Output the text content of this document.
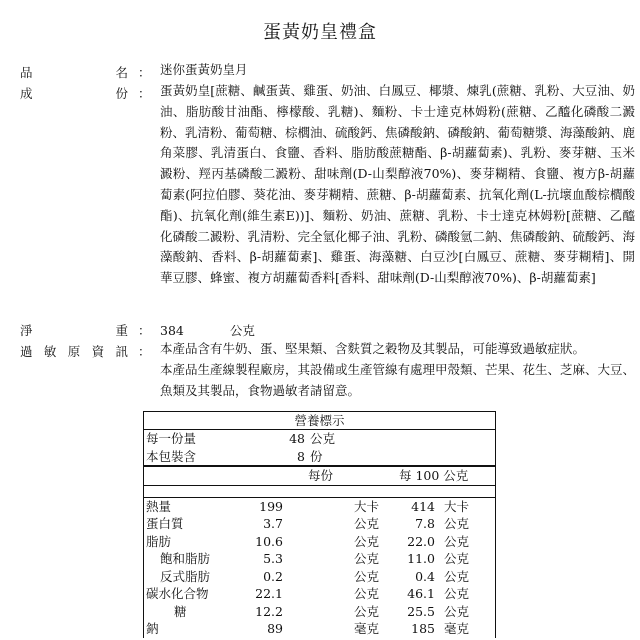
蛋黃奶皇禮盒
品名 ： 迷你蛋黃奶皇月
成份 ： 蛋黃奶皇[蔗糖、鹹蛋黃、雞蛋、奶油、白鳳豆、椰漿、煉乳(蔗糖、乳粉、大豆油、奶油、脂肪酸甘油酯、檸檬酸、乳糖)、麵粉、卡士達克林姆粉(蔗糖、乙醯化磷酸二澱粉、乳清粉、葡萄糖、棕櫚油、硫酸鈣、焦磷酸鈉、磷酸鈉、葡萄糖漿、海藻酸鈉、鹿角菜膠、乳清蛋白、食鹽、香料、脂肪酸蔗糖酯、β-胡蘿蔔素)、乳粉、麥芽糖、玉米澱粉、羥丙基磷酸二澱粉、甜味劑(D-山梨醇液70%)、麥芽糊精、食鹽、複方β-胡蘿蔔素(阿拉伯膠、葵花油、麥芽糊精、蔗糖、β-胡蘿蔔素、抗氧化劑(L-抗壞血酸棕櫚酸酯)、抗氧化劑(維生素E))]、麵粉、奶油、蔗糖、乳粉、卡士達克林姆粉[蔗糖、乙醯化磷酸二澱粉、乳清粉、完全氫化椰子油、乳粉、磷酸氫二鈉、焦磷酸鈉、硫酸鈣、海藻酸鈉、香料、β-胡蘿蔔素]、雞蛋、海藻糖、白豆沙[白鳳豆、蔗糖、麥芽糊精]、開華豆膠、蜂蜜、複方胡蘿蔔香料[香料、甜味劑(D-山梨醇液70%)、β-胡蘿蔔素]
淨重 ： 384	公克
過敏原資訊 ： 本產品含有牛奶、蛋、堅果類、含麩質之穀物及其製品，可能導致過敏症狀。

本產品生產線製程廠房，其設備或生產管線有處理甲殼類、芒果、花生、芝麻、大豆、魚類及其製品，食物過敏者請留意。

營養標示
每一份量	48 公克
本包裝含	8 份
每份	每 100 公克
熱量	199	大卡	414 大卡
蛋白質	3.7	公克	7.8 公克
脂肪	10.6	公克 22.0 公克
飽和脂肪	5.3	公克 11.0 公克
反式脂肪	0.2	公克	0.4 公克
碳水化合物	22.1	公克 46.1 公克
糖	12.2	公克 25.5 公克
鈉	89	毫克	185 毫克
